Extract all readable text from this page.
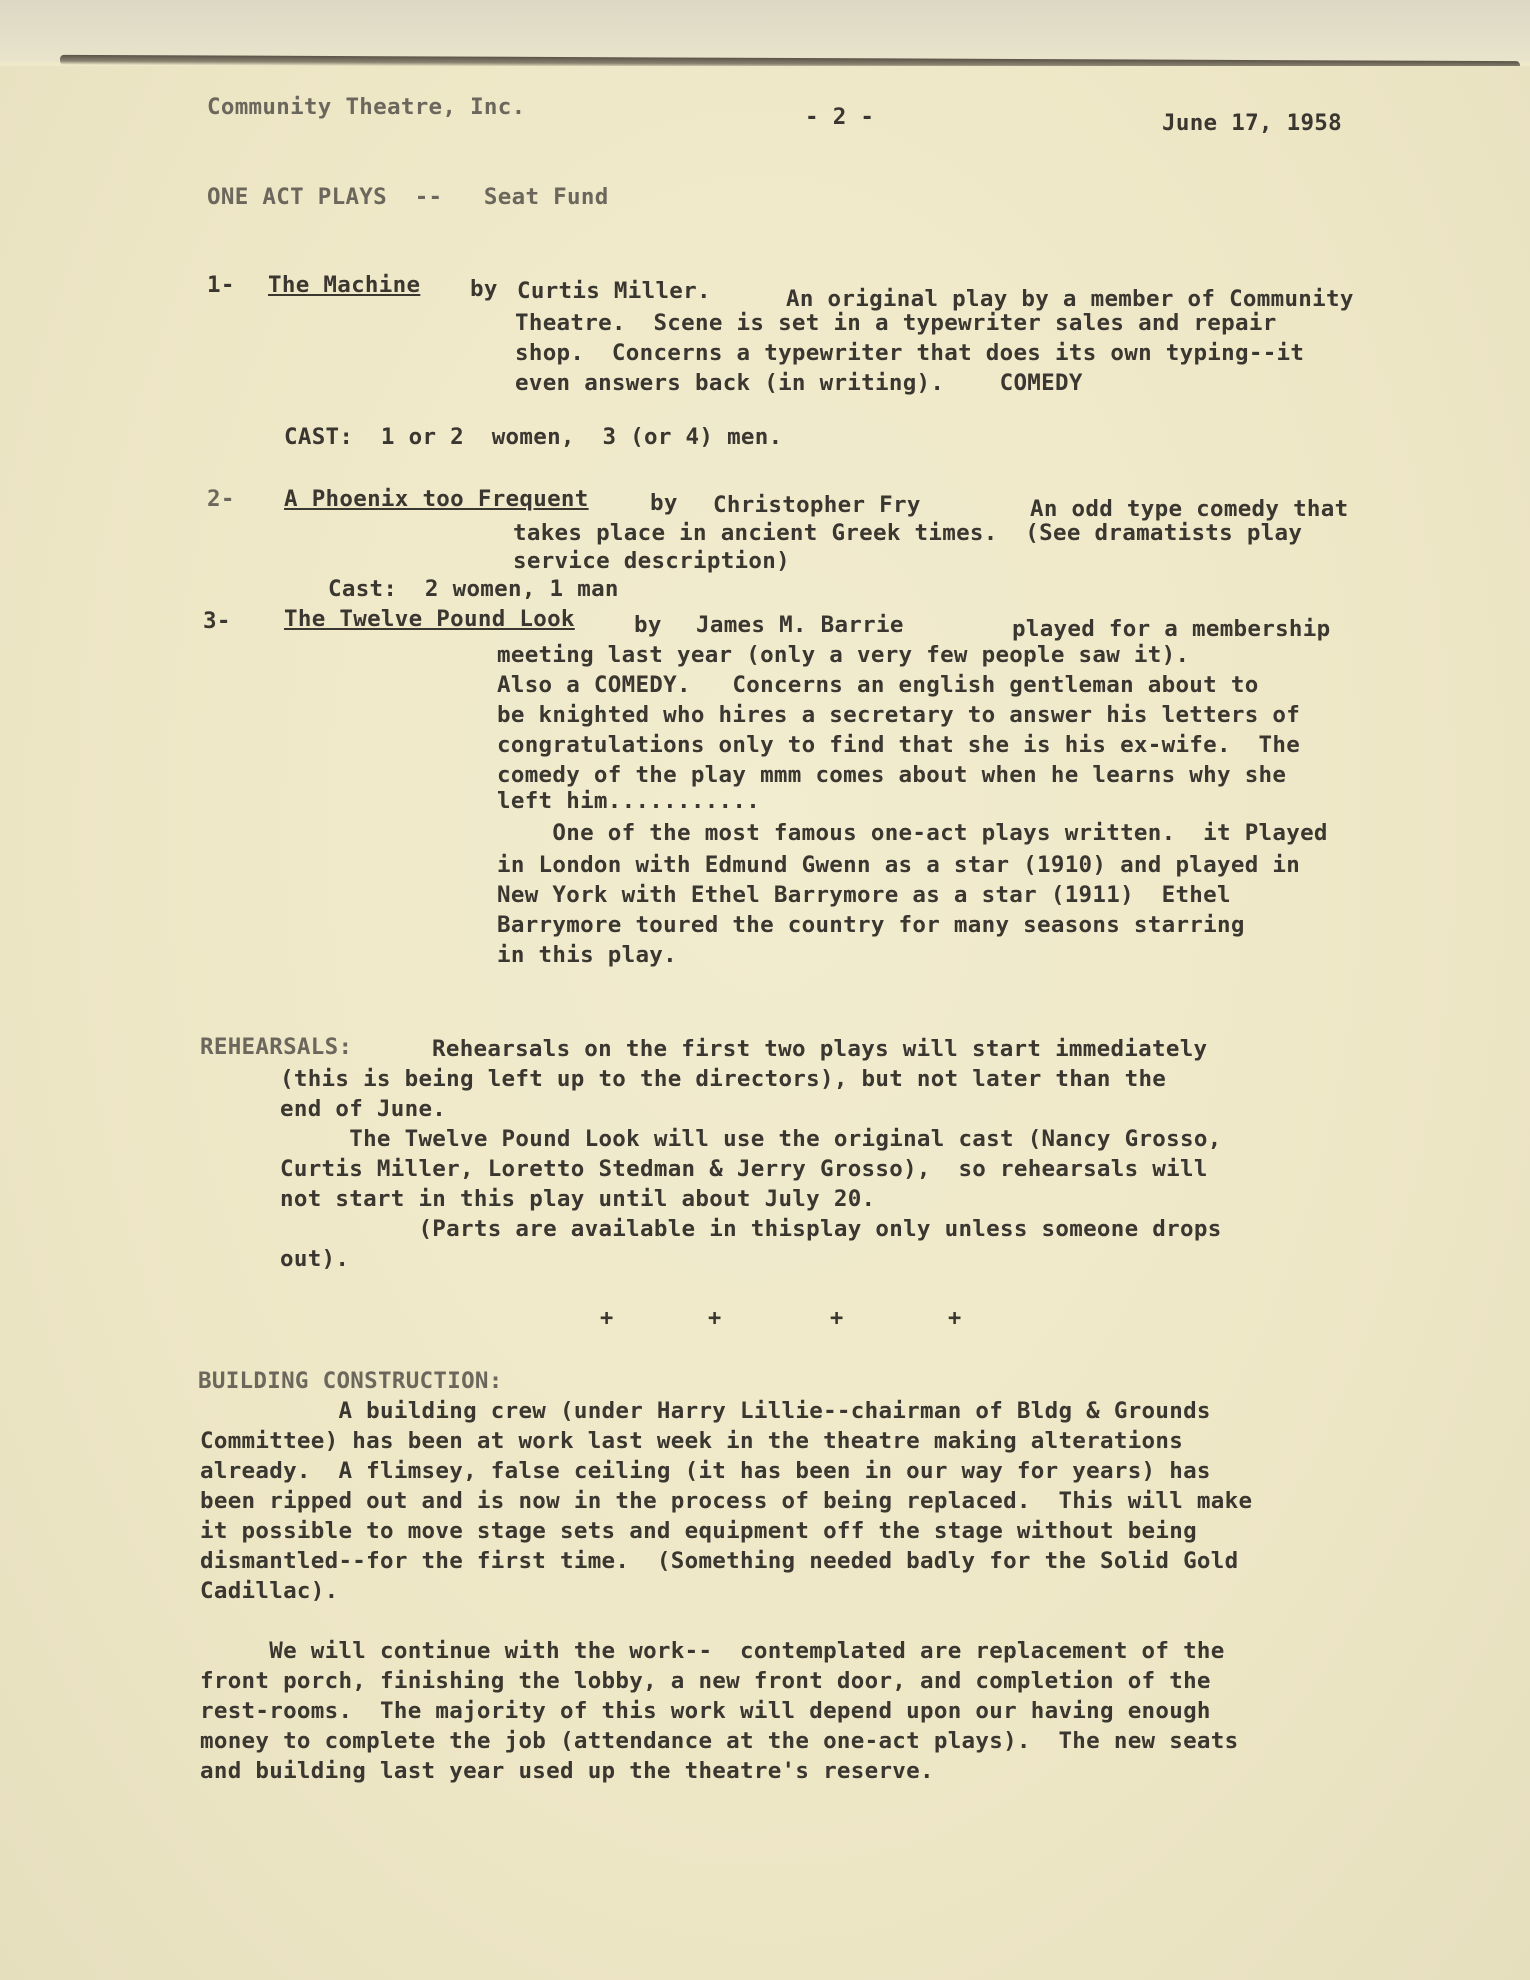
Community Theatre, Inc.	- 2 -	June 17, 1958
ONE ACT PLAYS  --   Seat Fund
1- The Machine by Curtis Miller.	An original play by a member of Community
Theatre.  Scene is set in a typewriter sales and repair
shop.  Concerns a typewriter that does its own typing--it
even answers back (in writing).    COMEDY
CAST:  1 or 2  women,  3 (or 4) men.
2- A Phoenix too Frequent	by Christopher Fry	An odd type comedy that
takes place in ancient Greek times.  (See dramatists play
service description)
Cast:  2 women, 1 man
3- The Twelve Pound Look	by James M. Barrie	played for a membership
meeting last year (only a very few people saw it).
Also a COMEDY.   Concerns an english gentleman about to
be knighted who hires a secretary to answer his letters of
congratulations only to find that she is his ex-wife.  The
comedy of the play mmm comes about when he learns why she
left him...........
One of the most famous one-act plays written.  it Played
in London with Edmund Gwenn as a star (1910) and played in
New York with Ethel Barrymore as a star (1911)  Ethel
Barrymore toured the country for many seasons starring
in this play.
REHEARSALS:	Rehearsals on the first two plays will start immediately
(this is being left up to the directors), but not later than the
end of June.
The Twelve Pound Look will use the original cast (Nancy Grosso,
Curtis Miller, Loretto Stedman & Jerry Grosso),  so rehearsals will
not start in this play until about July 20.
(Parts are available in thisplay only unless someone drops
out).
+	+	+	+
BUILDING CONSTRUCTION:
A building crew (under Harry Lillie--chairman of Bldg & Grounds
Committee) has been at work last week in the theatre making alterations
already.  A flimsey, false ceiling (it has been in our way for years) has
been ripped out and is now in the process of being replaced.  This will make
it possible to move stage sets and equipment off the stage without being
dismantled--for the first time.  (Something needed badly for the Solid Gold
Cadillac).
We will continue with the work--  contemplated are replacement of the
front porch, finishing the lobby, a new front door, and completion of the
rest-rooms.  The majority of this work will depend upon our having enough
money to complete the job (attendance at the one-act plays).  The new seats
and building last year used up the theatre's reserve.
